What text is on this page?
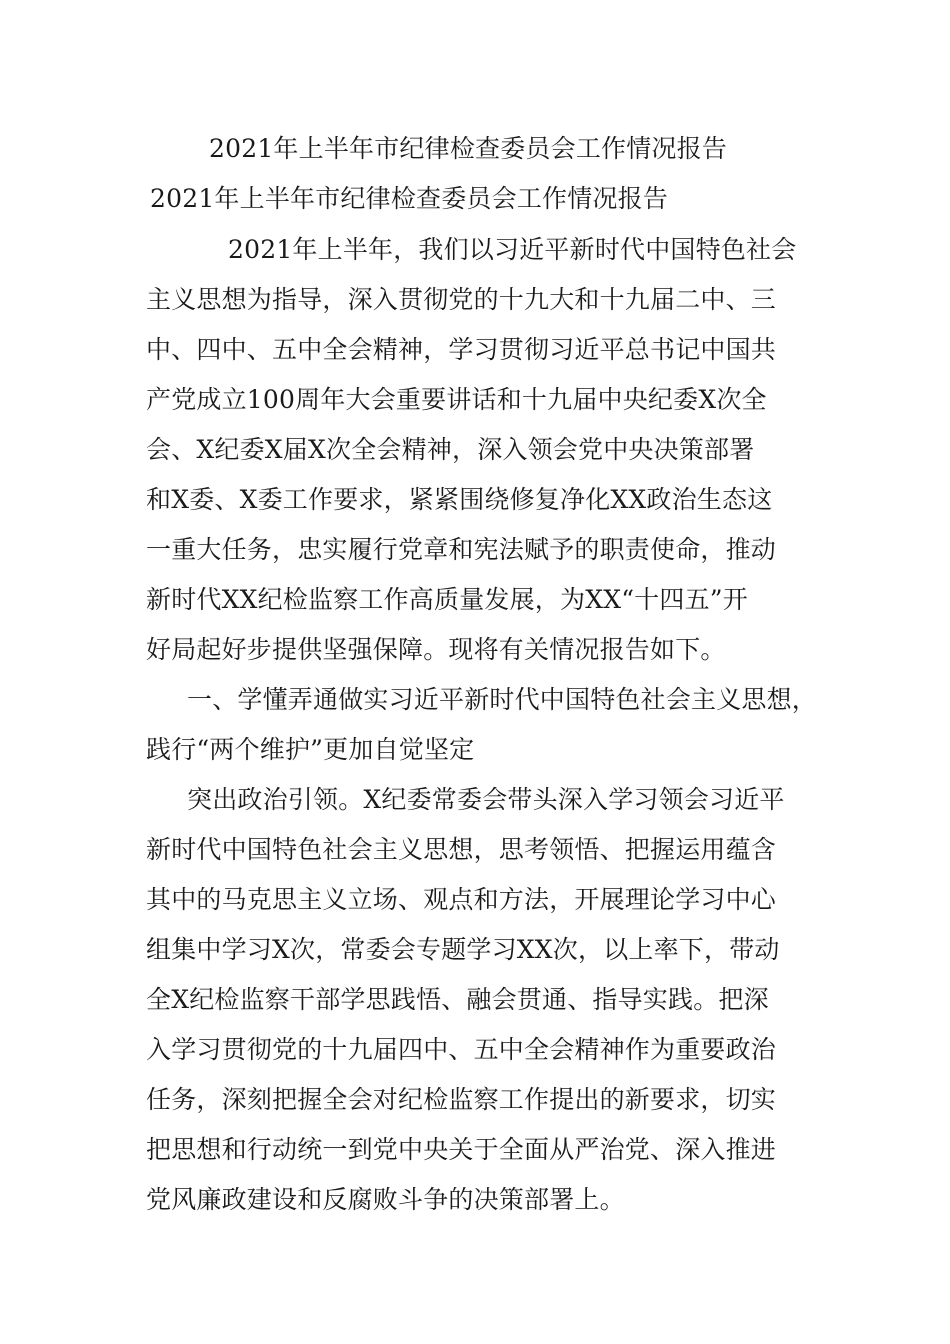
2021年上半年市纪律检查委员会工作情况报告
2021年上半年市纪律检查委员会工作情况报告
2021年上半年，我们以习近平新时代中国特色社会
主义思想为指导，深入贯彻党的十九大和十九届二中、三
中、四中、五中全会精神，学习贯彻习近平总书记中国共
产党成立100周年大会重要讲话和十九届中央纪委X次全
会、X纪委X届X次全会精神，深入领会党中央决策部署
和X委、X委工作要求，紧紧围绕修复净化XX政治生态这
一重大任务，忠实履行党章和宪法赋予的职责使命，推动
新时代XX纪检监察工作高质量发展，为XX“十四五”开
好局起好步提供坚强保障。现将有关情况报告如下。
一、学懂弄通做实习近平新时代中国特色社会主义思想，
践行“两个维护”更加自觉坚定
突出政治引领。X纪委常委会带头深入学习领会习近平
新时代中国特色社会主义思想，思考领悟、把握运用蕴含
其中的马克思主义立场、观点和方法，开展理论学习中心
组集中学习X次，常委会专题学习XX次，以上率下，带动
全X纪检监察干部学思践悟、融会贯通、指导实践。把深
入学习贯彻党的十九届四中、五中全会精神作为重要政治
任务，深刻把握全会对纪检监察工作提出的新要求，切实
把思想和行动统一到党中央关于全面从严治党、深入推进
党风廉政建设和反腐败斗争的决策部署上。
